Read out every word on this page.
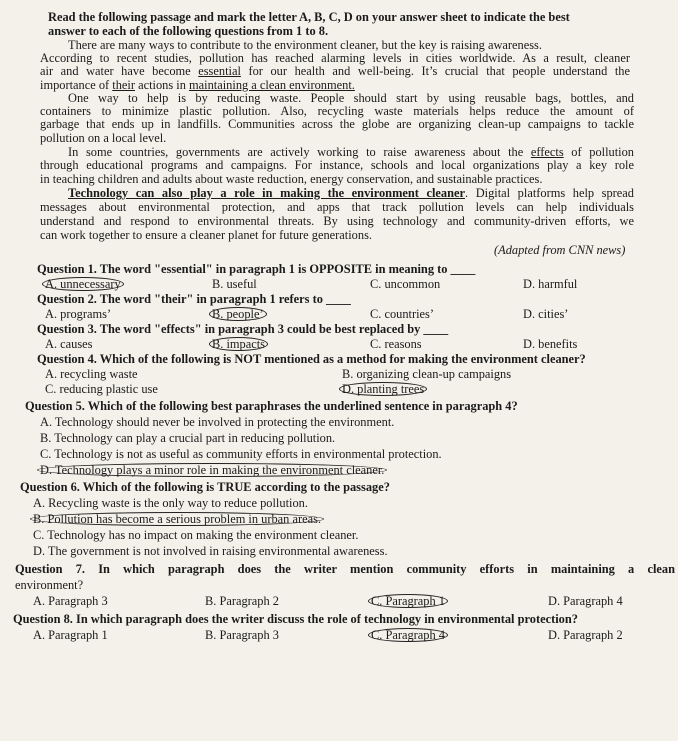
Read the following passage and mark the letter A, B, C, D on your answer sheet to indicate the best
answer to each of the following questions from 1 to 8.
There are many ways to contribute to the environment cleaner, but the key is raising awareness.
According to recent studies, pollution has reached alarming levels in cities worldwide. As a result, cleaner
air and water have become essential for our health and well-being. It’s crucial that people understand the
importance of their actions in maintaining a clean environment.
One way to help is by reducing waste. People should start by using reusable bags, bottles, and
containers to minimize plastic pollution. Also, recycling waste materials helps reduce the amount of
garbage that ends up in landfills. Communities across the globe are organizing clean-up campaigns to tackle
pollution on a local level.
In some countries, governments are actively working to raise awareness about the effects of pollution
through educational programs and campaigns. For instance, schools and local organizations play a key role
in teaching children and adults about waste reduction, energy conservation, and sustainable practices.
Technology can also play a role in making the environment cleaner. Digital platforms help spread
messages about environmental protection, and apps that track pollution levels can help individuals
understand and respond to environmental threats. By using technology and community-driven efforts, we
can work together to ensure a cleaner planet for future generations.
(Adapted from CNN news)
Question 1. The word "essential" in paragraph 1 is OPPOSITE in meaning to ____
A. unnecessary	B. useful	C. uncommon	D. harmful
Question 2. The word "their" in paragraph 1 refers to ____
A. programs’	B. people’	C. countries’	D. cities’
Question 3. The word "effects" in paragraph 3 could be best replaced by ____
A. causes	B. impacts	C. reasons	D. benefits
Question 4. Which of the following is NOT mentioned as a method for making the environment cleaner?
A. recycling waste	B. organizing clean-up campaigns
C. reducing plastic use	D. planting trees
Question 5. Which of the following best paraphrases the underlined sentence in paragraph 4?
A. Technology should never be involved in protecting the environment.
B. Technology can play a crucial part in reducing pollution.
C. Technology is not as useful as community efforts in environmental protection.
D. Technology plays a minor role in making the environment cleaner.
Question 6. Which of the following is TRUE according to the passage?
A. Recycling waste is the only way to reduce pollution.
B. Pollution has become a serious problem in urban areas.
C. Technology has no impact on making the environment cleaner.
D. The government is not involved in raising environmental awareness.
Question 7. In which paragraph does the writer mention community efforts in maintaining a clean
environment?
A. Paragraph 3	B. Paragraph 2	C. Paragraph 1	D. Paragraph 4
Question 8. In which paragraph does the writer discuss the role of technology in environmental protection?
A. Paragraph 1	B. Paragraph 3	C. Paragraph 4	D. Paragraph 2
